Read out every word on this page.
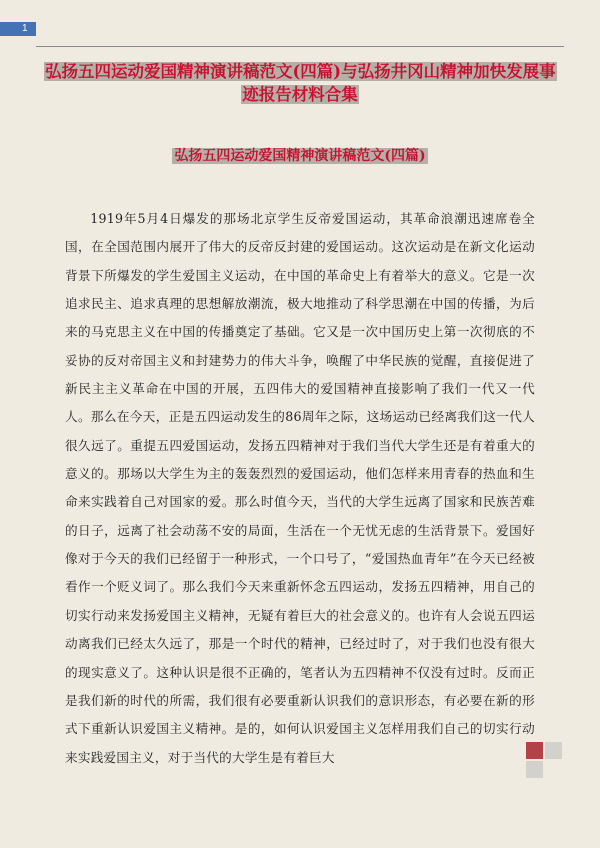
1
弘扬五四运动爱国精神演讲稿范文(四篇)与弘扬井冈山精神加快发展事迹报告材料合集
弘扬五四运动爱国精神演讲稿范文(四篇)

1919年5月4日爆发的那场北京学生反帝爱国运动，其革命浪潮迅速席卷全国，在全国范围内展开了伟大的反帝反封建的爱国运动。这次运动是在新文化运动背景下所爆发的学生爱国主义运动，在中国的革命史上有着举大的意义。它是一次追求民主、追求真理的思想解放潮流，极大地推动了科学思潮在中国的传播，为后来的马克思主义在中国的传播奠定了基础。它又是一次中国历史上第一次彻底的不妥协的反对帝国主义和封建势力的伟大斗争，唤醒了中华民族的觉醒，直接促进了新民主主义革命在中国的开展，五四伟大的爱国精神直接影响了我们一代又一代人。那么在今天，正是五四运动发生的86周年之际，这场运动已经离我们这一代人很久远了。重提五四爱国运动，发扬五四精神对于我们当代大学生还是有着重大的意义的。那场以大学生为主的轰轰烈烈的爱国运动，他们怎样来用青春的热血和生命来实践着自己对国家的爱。那么时值今天，当代的大学生远离了国家和民族苦难的日子，远离了社会动荡不安的局面，生活在一个无忧无虑的生活背景下。爱国好像对于今天的我们已经留于一种形式，一个口号了，“爱国热血青年”在今天已经被看作一个贬义词了。那么我们今天来重新怀念五四运动，发扬五四精神，用自己的切实行动来发扬爱国主义精神，无疑有着巨大的社会意义的。也许有人会说五四运动离我们已经太久远了，那是一个时代的精神，已经过时了，对于我们也没有很大的现实意义了。这种认识是很不正确的，笔者认为五四精神不仅没有过时。反而正是我们新的时代的所需，我们很有必要重新认识我们的意识形态，有必要在新的形式下重新认识爱国主义精神。是的，如何认识爱国主义怎样用我们自己的切实行动来实践爱国主义，对于当代的大学生是有着巨大
